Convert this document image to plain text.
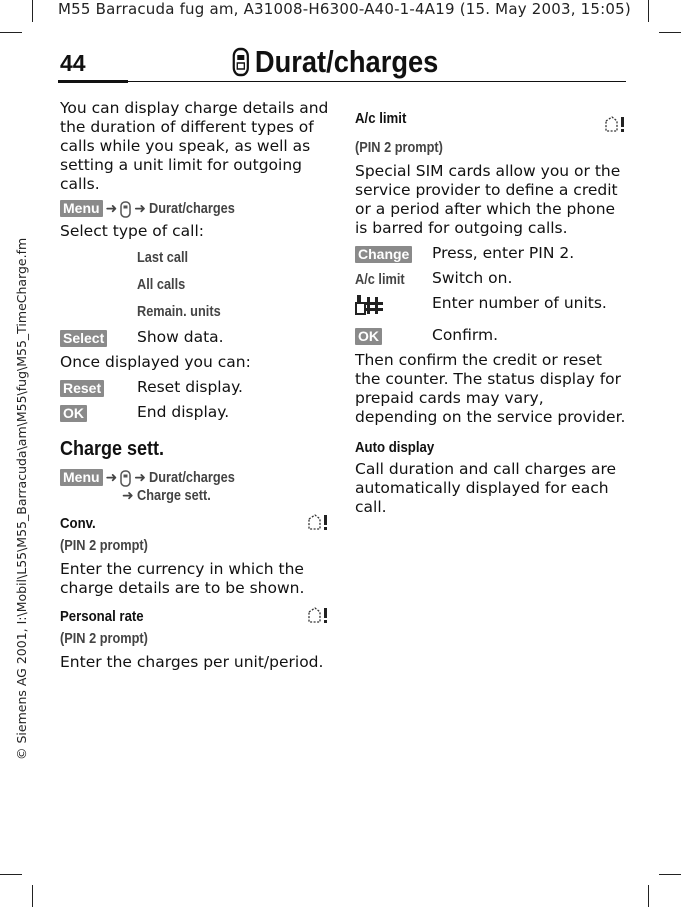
M55 Barracuda fug am, A31008-H6300-A40-1-4A19 (15. May 2003, 15:05)
© Siemens AG 2001, I:\Mobil\L55\M55_Barracuda\am\M55\fug\M55_TimeCharge.fm
44	Durat/charges

You can display charge details and the duration of different types of calls while you speak, as well as setting a unit limit for outgoing calls.

Menu ➜ ➜ Durat/charges

Select type of call:

Last call
All calls
Remain. units
Select	Show data.

Once displayed you can:

Reset	Reset display.
OK	End display.
Charge sett.
Menu ➜ ➜ Durat/charges
➜ Charge sett.
Conv.
(PIN 2 prompt)

Enter the currency in which the charge details are to be shown.

Personal rate
(PIN 2 prompt)

Enter the charges per unit/period.

A/c limit
(PIN 2 prompt)

Special SIM cards allow you or the service provider to define a credit or a period after which the phone is barred for outgoing calls.

Change	Press, enter PIN 2.
A/c limit	Switch on.
Enter number of units.
OK	Confirm.

Then confirm the credit or reset the counter. The status display for prepaid cards may vary, depending on the service provider.

Auto display

Call duration and call charges are automatically displayed for each call.
